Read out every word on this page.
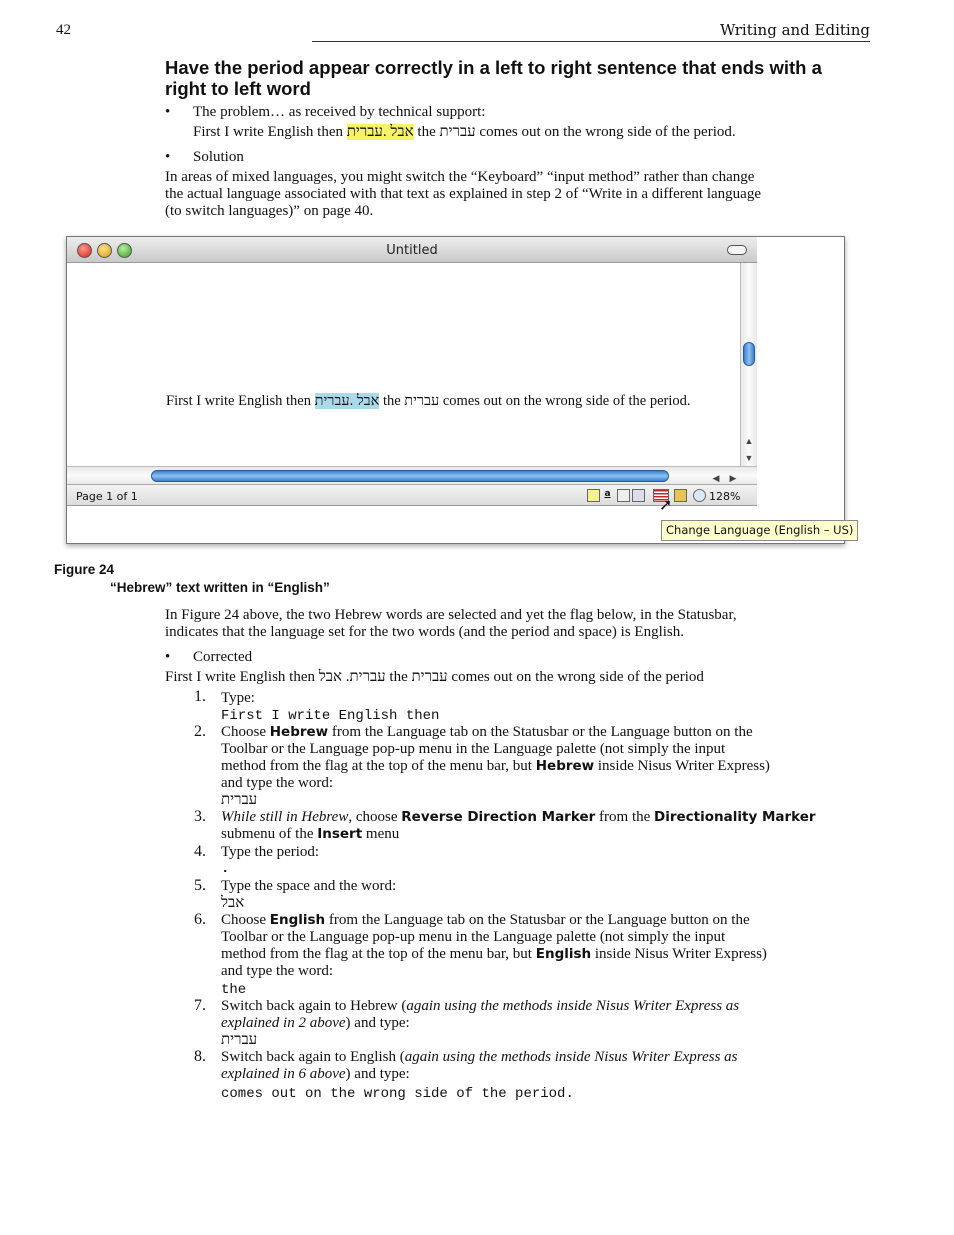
42	Writing and Editing
Have the period appear correctly in a left to right sentence that ends with a right to left word
• The problem… as received by technical support:
First I write English then אבל .עברית the עברית comes out on the wrong side of the period.
• Solution
In areas of mixed languages, you might switch the “Keyboard” “input method” rather than change
the actual language associated with that text as explained in step 2 of “Write in a different language
(to switch languages)” on page 40.
Untitled
First I write English then אבל .עברית the עברית comes out on the wrong side of the period.
▲
▼
◀	▶
Page 1 of 1	a	128%
➚
Change Language (English – US)
Figure 24
“Hebrew” text written in “English”
In Figure 24 above, the two Hebrew words are selected and yet the flag below, in the Statusbar,
indicates that the language set for the two words (and the period and space) is English.
• Corrected
First I write English then עברית. אבל the עברית comes out on the wrong side of the period
1.	Type:
First I write English then
2.	Choose Hebrew from the Language tab on the Statusbar or the Language button on the
Toolbar or the Language pop-up menu in the Language palette (not simply the input
method from the flag at the top of the menu bar, but Hebrew inside Nisus Writer Express)
and type the word:
עברית
3.	While still in Hebrew, choose Reverse Direction Marker from the Directionality Marker
submenu of the Insert menu
4.	Type the period:
.
5.	Type the space and the word:
אבל
6.	Choose English from the Language tab on the Statusbar or the Language button on the
Toolbar or the Language pop-up menu in the Language palette (not simply the input
method from the flag at the top of the menu bar, but English inside Nisus Writer Express)
and type the word:
the
7.	Switch back again to Hebrew (again using the methods inside Nisus Writer Express as
explained in 2 above) and type:
עברית
8.	Switch back again to English (again using the methods inside Nisus Writer Express as
explained in 6 above) and type:
comes out on the wrong side of the period.
